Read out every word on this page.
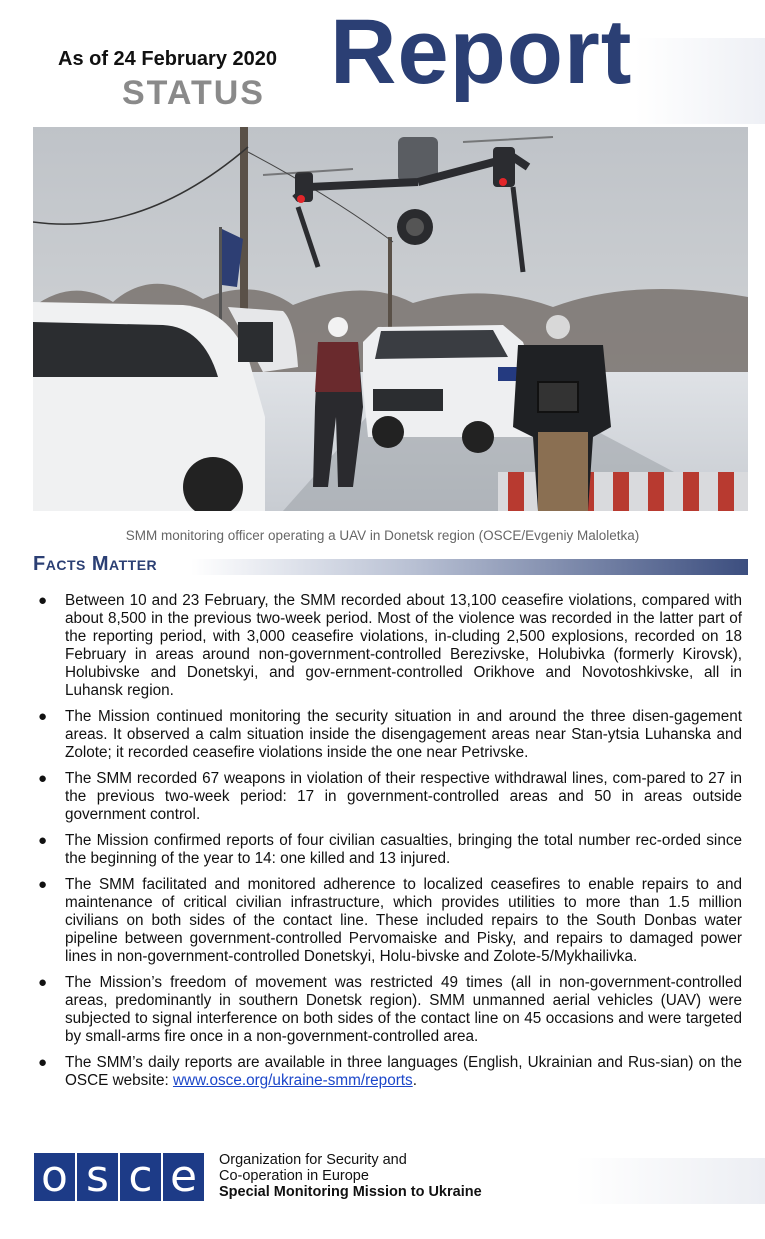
As of 24 February 2020
STATUS Report
SMM monitoring officer operating a UAV in Donetsk region (OSCE/Evgeniy Maloletka)
Facts Matter
● Between 10 and 23 February, the SMM recorded about 13,100 ceasefire violations, compared with about 8,500 in the previous two-week period. Most of the violence was recorded in the latter part of the reporting period, with 3,000 ceasefire violations, in-cluding 2,500 explosions, recorded on 18 February in areas around non-government-controlled Berezivske, Holubivka (formerly Kirovsk), Holubivske and Donetskyi, and gov-ernment-controlled Orikhove and Novotoshkivske, all in Luhansk region.
● The Mission continued monitoring the security situation in and around the three disen-gagement areas. It observed a calm situation inside the disengagement areas near Stan-ytsia Luhanska and Zolote; it recorded ceasefire violations inside the one near Petrivske.
● The SMM recorded 67 weapons in violation of their respective withdrawal lines, com-pared to 27 in the previous two-week period: 17 in government-controlled areas and 50 in areas outside government control.
● The Mission confirmed reports of four civilian casualties, bringing the total number rec-orded since the beginning of the year to 14: one killed and 13 injured.
● The SMM facilitated and monitored adherence to localized ceasefires to enable repairs to and maintenance of critical civilian infrastructure, which provides utilities to more than 1.5 million civilians on both sides of the contact line. These included repairs to the South Donbas water pipeline between government-controlled Pervomaiske and Pisky, and repairs to damaged power lines in non-government-controlled Donetskyi, Holu-bivske and Zolote-5/Mykhailivka.
● The Mission’s freedom of movement was restricted 49 times (all in non-government-controlled areas, predominantly in southern Donetsk region). SMM unmanned aerial vehicles (UAV) were subjected to signal interference on both sides of the contact line on 45 occasions and were targeted by small-arms fire once in a non-government-controlled area.
● The SMM’s daily reports are available in three languages (English, Ukrainian and Rus-sian) on the OSCE website: www.osce.org/ukraine-smm/reports.
o s c e	Organization for Security and
Co-operation in Europe
Special Monitoring Mission to Ukraine
